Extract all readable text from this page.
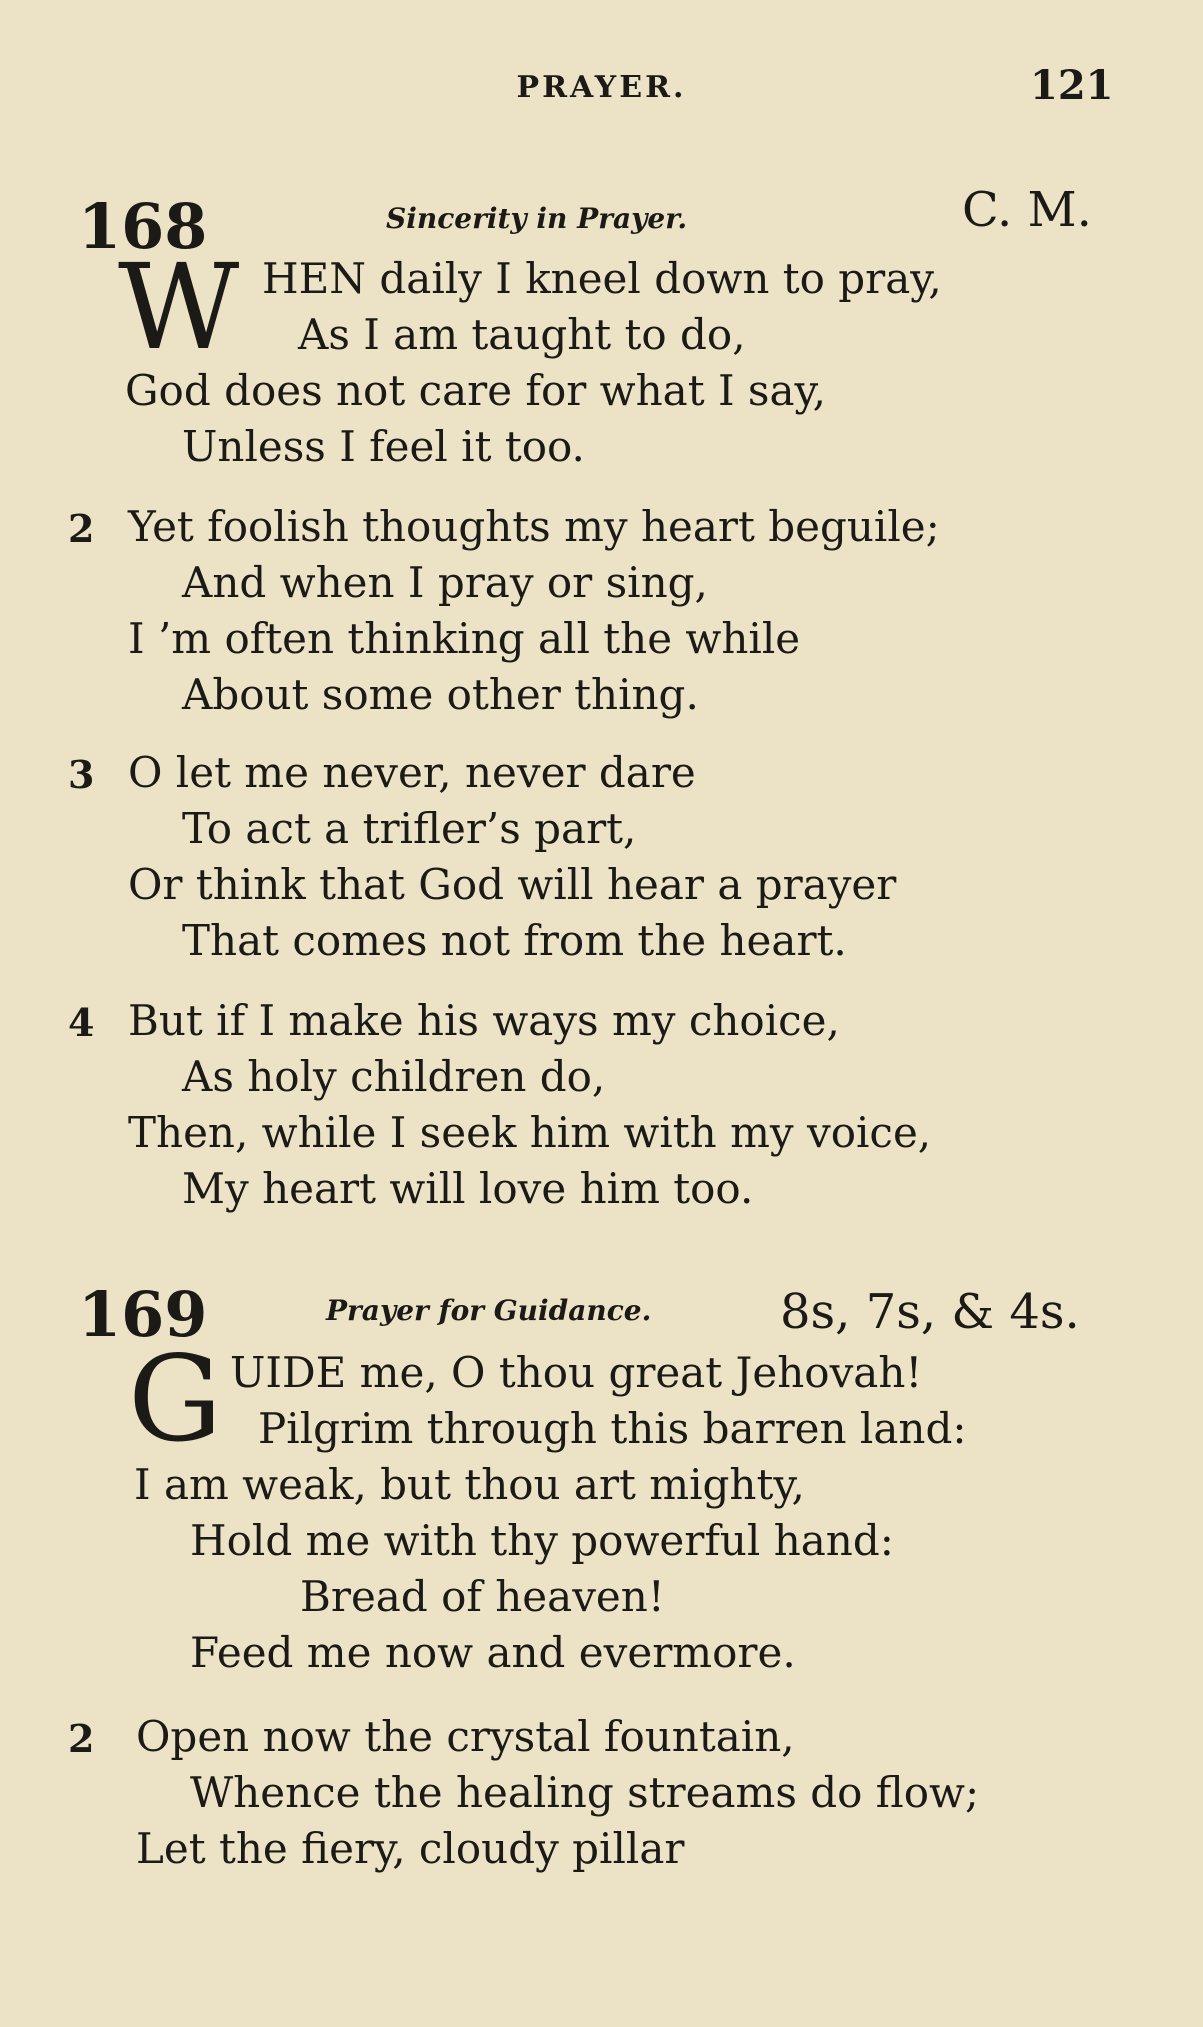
PRAYER.	121
168	Sincerity in Prayer.	C. M.
W HEN daily I kneel down to pray,
As I am taught to do,
God does not care for what I say,
Unless I feel it too.
2 Yet foolish thoughts my heart beguile;
And when I pray or sing,
I ’m often thinking all the while
About some other thing.
3 O let me never, never dare
To act a trifler’s part,
Or think that God will hear a prayer
That comes not from the heart.
4 But if I make his ways my choice,
As holy children do,
Then, while I seek him with my voice,
My heart will love him too.
169	Prayer for Guidance.	8s, 7s, & 4s.
G UIDE me, O thou great Jehovah!
Pilgrim through this barren land:
I am weak, but thou art mighty,
Hold me with thy powerful hand:
Bread of heaven!
Feed me now and evermore.
2 Open now the crystal fountain,
Whence the healing streams do flow;
Let the fiery, cloudy pillar
